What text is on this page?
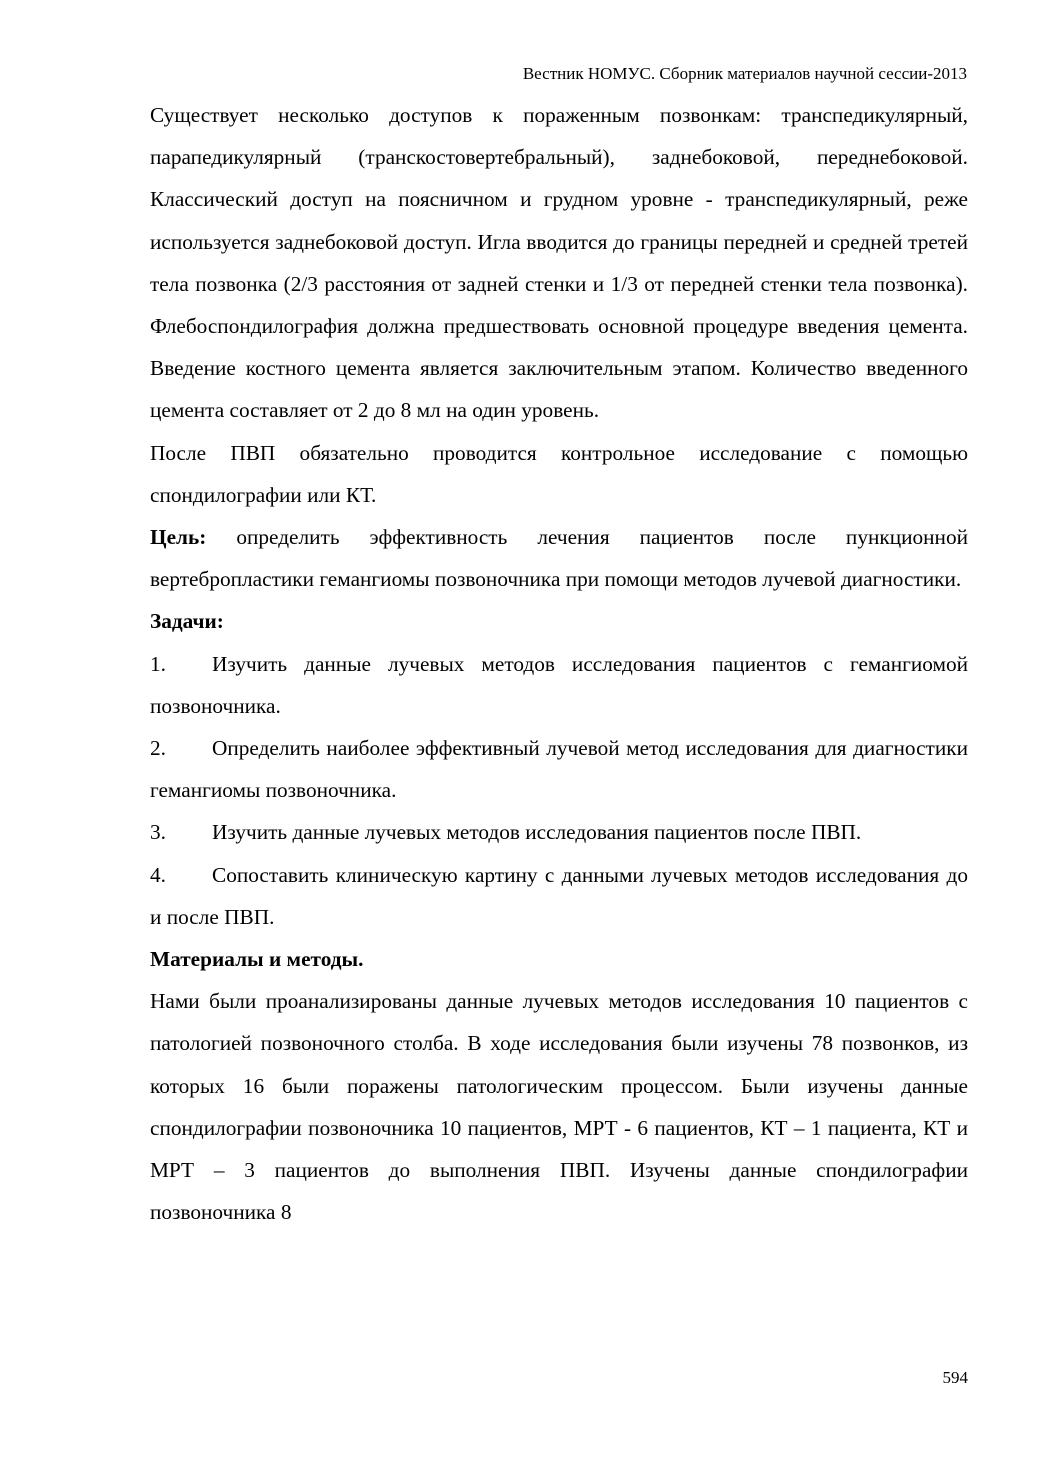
Вестник НОМУС. Сборник материалов научной сессии-2013

Существует несколько доступов к пораженным позвонкам: транспедикулярный, парапедикулярный (транскостовертебральный), заднебоковой, переднебоковой. Классический доступ на поясничном и грудном уровне - транспедикулярный, реже используется заднебоковой доступ. Игла вводится до границы передней и средней третей тела позвонка (2/3 расстояния от задней стенки и 1/3 от передней стенки тела позвонка). Флебоспондилография должна предшествовать основной процедуре введения цемента. Введение костного цемента является заключительным этапом. Количество введенного цемента составляет от 2 до 8 мл на один уровень.

После ПВП обязательно проводится контрольное исследование с помощью спондилографии или КТ.

Цель: определить эффективность лечения пациентов после пункционной вертебропластики гемангиомы позвоночника при помощи методов лучевой диагностики.

Задачи:

1. Изучить данные лучевых методов исследования пациентов с гемангиомой позвоночника.

2. Определить наиболее эффективный лучевой метод исследования для диагностики гемангиомы позвоночника.

3. Изучить данные лучевых методов исследования пациентов после ПВП.

4. Сопоставить клиническую картину с данными лучевых методов исследования до и после ПВП.

Материалы и методы.

Нами были проанализированы данные лучевых методов исследования 10 пациентов с патологией позвоночного столба. В ходе исследования были изучены 78 позвонков, из которых 16 были поражены патологическим процессом. Были изучены данные спондилографии позвоночника 10 пациентов, МРТ - 6 пациентов, КТ – 1 пациента, КТ и МРТ – 3 пациентов до выполнения ПВП. Изучены данные спондилографии позвоночника 8

594
